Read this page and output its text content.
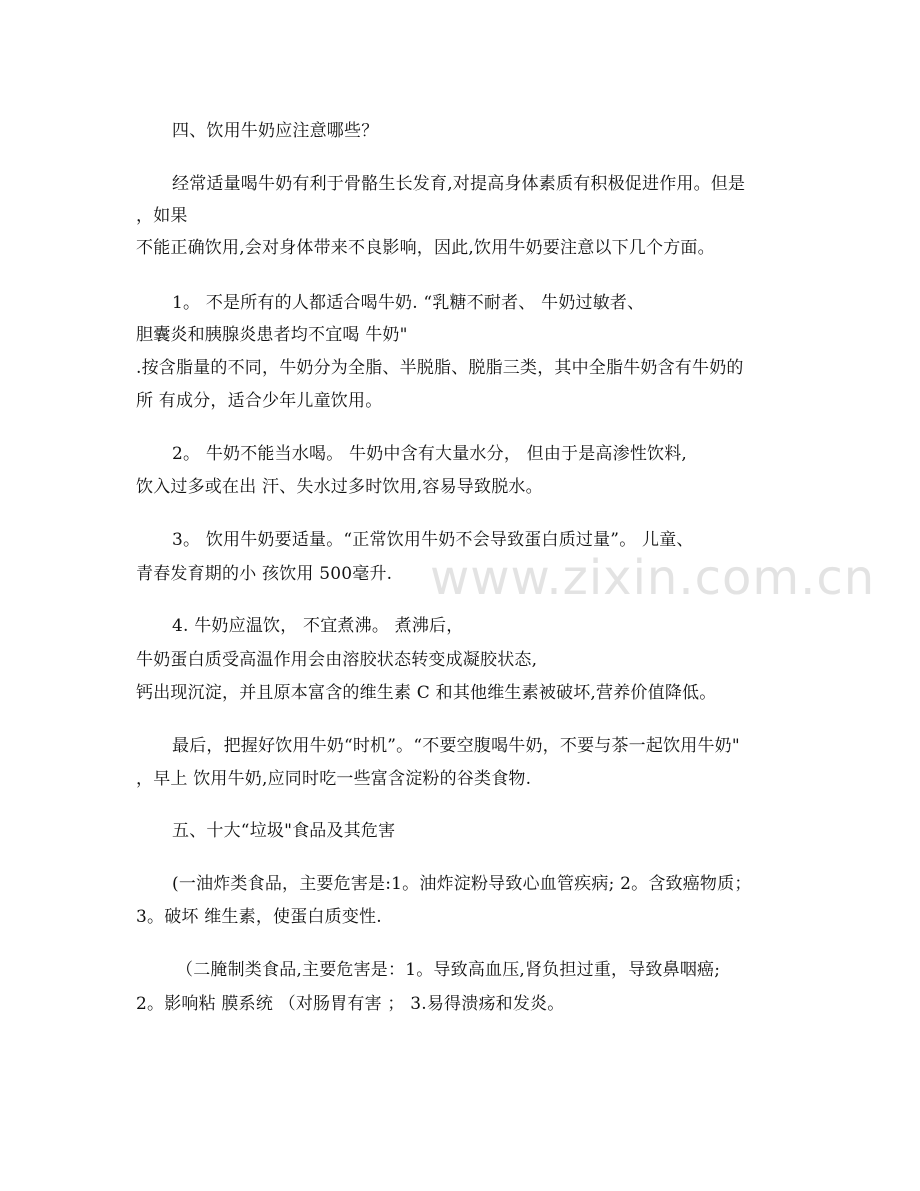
www.zixin.com.cn
四、饮用牛奶应注意哪些？
经常适量喝牛奶有利于骨骼生长发育,对提高身体素质有积极促进作用。但是
，如果
不能正确饮用,会对身体带来不良影响，因此,饮用牛奶要注意以下几个方面。
1。 不是所有的人都适合喝牛奶. “乳糖不耐者、 牛奶过敏者、
胆囊炎和胰腺炎患者均不宜喝 牛奶"
.按含脂量的不同，牛奶分为全脂、半脱脂、脱脂三类，其中全脂牛奶含有牛奶的
所 有成分，适合少年儿童饮用。
2。 牛奶不能当水喝。 牛奶中含有大量水分， 但由于是高渗性饮料,
饮入过多或在出 汗、失水过多时饮用,容易导致脱水。
3。 饮用牛奶要适量。“正常饮用牛奶不会导致蛋白质过量”。 儿童、
青春发育期的小 孩饮用 500毫升.
4. 牛奶应温饮， 不宜煮沸。 煮沸后，
牛奶蛋白质受高温作用会由溶胶状态转变成凝胶状态,
钙出现沉淀，并且原本富含的维生素 C 和其他维生素被破坏,营养价值降低。
最后，把握好饮用牛奶“时机”。“不要空腹喝牛奶，不要与茶一起饮用牛奶"
，早上 饮用牛奶,应同时吃一些富含淀粉的谷类食物.
五、十大“垃圾"食品及其危害
(一油炸类食品，主要危害是:1。油炸淀粉导致心血管疾病; 2。含致癌物质；
3。破坏 维生素，使蛋白质变性.
（二腌制类食品,主要危害是：1。导致高血压,肾负担过重，导致鼻咽癌;
2。影响粘 膜系统 （对肠胃有害 ； 3.易得溃疡和发炎。
